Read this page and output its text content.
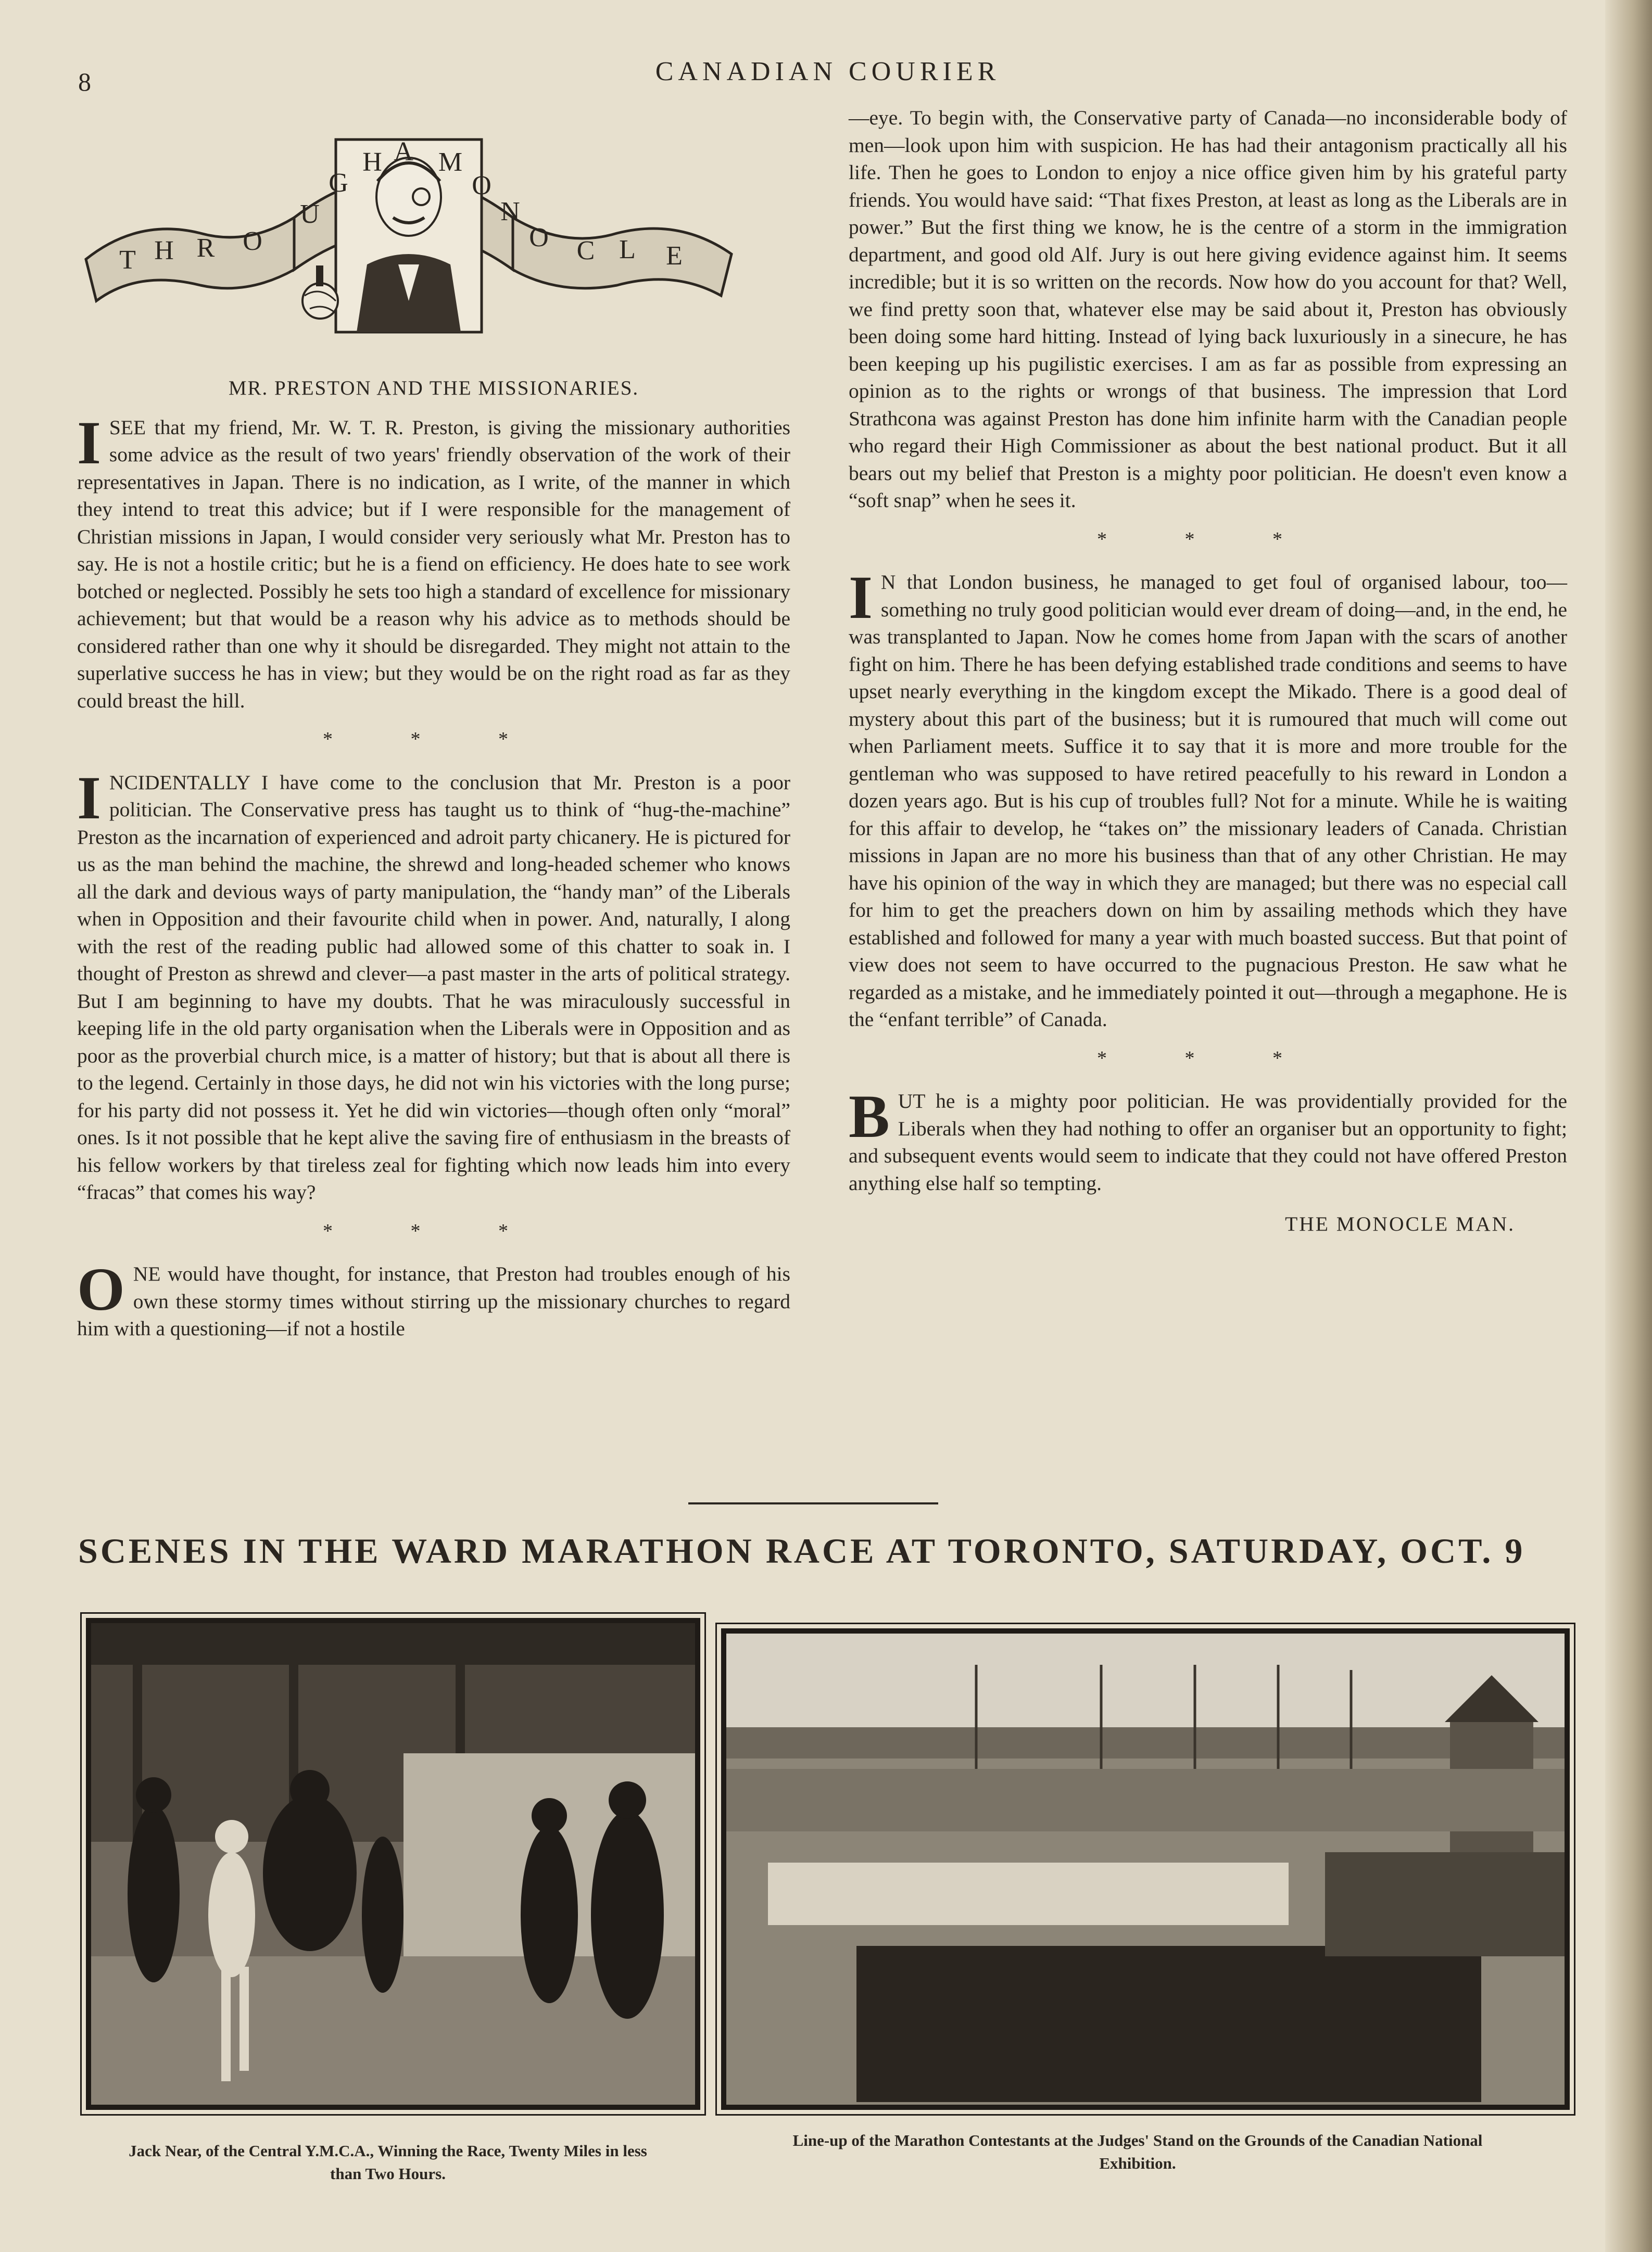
8	CANADIAN COURIER
T H R O
U
G
H A M
O
N
O C L E
MR. PRESTON AND THE MISSIONARIES.

ISEE that my friend, Mr. W. T. R. Preston, is giving the missionary authorities some advice as the result of two years' friendly observation of the work of their representatives in Japan. There is no indication, as I write, of the manner in which they intend to treat this advice; but if I were responsible for the management of Christian missions in Japan, I would consider very seriously what Mr. Preston has to say. He is not a hostile critic; but he is a fiend on efficiency. He does hate to see work botched or neglected. Possibly he sets too high a standard of excellence for missionary achievement; but that would be a reason why his advice as to methods should be considered rather than one why it should be disregarded. They might not attain to the superlative success he has in view; but they would be on the right road as far as they could breast the hill.

* * *

INCIDENTALLY I have come to the conclusion that Mr. Preston is a poor politician. The Conservative press has taught us to think of “hug-the-machine” Preston as the incarnation of experienced and adroit party chicanery. He is pictured for us as the man behind the machine, the shrewd and long-headed schemer who knows all the dark and devious ways of party manipulation, the “handy man” of the Liberals when in Opposition and their favourite child when in power. And, naturally, I along with the rest of the reading public had allowed some of this chatter to soak in. I thought of Preston as shrewd and clever—a past master in the arts of political strategy. But I am beginning to have my doubts. That he was miraculously successful in keeping life in the old party organisation when the Liberals were in Opposition and as poor as the proverbial church mice, is a matter of history; but that is about all there is to the legend. Certainly in those days, he did not win his victories with the long purse; for his party did not possess it. Yet he did win victories—though often only “moral” ones. Is it not possible that he kept alive the saving fire of enthusiasm in the breasts of his fellow workers by that tireless zeal for fighting which now leads him into every “fracas” that comes his way?

* * *

ONE would have thought, for instance, that Preston had troubles enough of his own these stormy times without stirring up the missionary churches to regard him with a questioning—if not a hostile

—eye. To begin with, the Conservative party of Canada—no inconsiderable body of men—look upon him with suspicion. He has had their antagonism practically all his life. Then he goes to London to enjoy a nice office given him by his grateful party friends. You would have said: “That fixes Preston, at least as long as the Liberals are in power.” But the first thing we know, he is the centre of a storm in the immigration department, and good old Alf. Jury is out here giving evidence against him. It seems incredible; but it is so written on the records. Now how do you account for that? Well, we find pretty soon that, whatever else may be said about it, Preston has obviously been doing some hard hitting. Instead of lying back luxuriously in a sinecure, he has been keeping up his pugilistic exercises. I am as far as possible from expressing an opinion as to the rights or wrongs of that business. The impression that Lord Strathcona was against Preston has done him infinite harm with the Canadian people who regard their High Commissioner as about the best national product. But it all bears out my belief that Preston is a mighty poor politician. He doesn't even know a “soft snap” when he sees it.

* * *

I N that London business, he managed to get foul of organised labour, too—something no truly good politician would ever dream of doing—and, in the end, he was transplanted to Japan. Now he comes home from Japan with the scars of another fight on him. There he has been defying established trade conditions and seems to have upset nearly everything in the kingdom except the Mikado. There is a good deal of mystery about this part of the business; but it is rumoured that much will come out when Parliament meets. Suffice it to say that it is more and more trouble for the gentleman who was supposed to have retired peacefully to his reward in London a dozen years ago. But is his cup of troubles full? Not for a minute. While he is waiting for this affair to develop, he “takes on” the missionary leaders of Canada. Christian missions in Japan are no more his business than that of any other Christian. He may have his opinion of the way in which they are managed; but there was no especial call for him to get the preachers down on him by assailing methods which they have established and followed for many a year with much boasted success. But that point of view does not seem to have occurred to the pugnacious Preston. He saw what he regarded as a mistake, and he immediately pointed it out—through a megaphone. He is the “enfant terrible” of Canada.

* * *

BUT he is a mighty poor politician. He was providentially provided for the Liberals when they had nothing to offer an organiser but an opportunity to fight; and subsequent events would seem to indicate that they could not have offered Preston anything else half so tempting.

THE MONOCLE MAN.
SCENES IN THE WARD MARATHON RACE AT TORONTO, SATURDAY, OCT. 9
Jack Near, of the Central Y.M.C.A., Winning the Race, Twenty Miles in less than Two Hours.
Line-up of the Marathon Contestants at the Judges' Stand on the Grounds of the Canadian National Exhibition.
